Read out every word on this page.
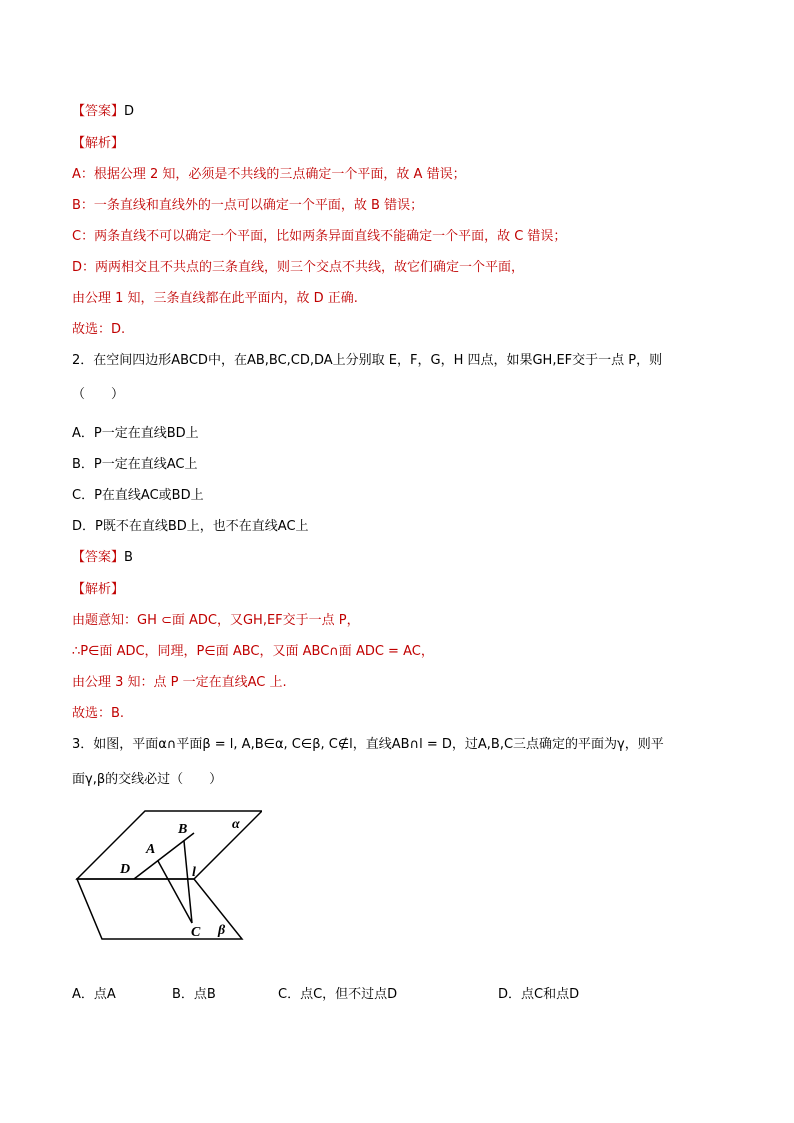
【答案】D
【解析】
A：根据公理 2 知，必须是不共线的三点确定一个平面，故 A 错误；
B：一条直线和直线外的一点可以确定一个平面，故 B 错误；
C：两条直线不可以确定一个平面，比如两条异面直线不能确定一个平面，故 C 错误；
D：两两相交且不共点的三条直线，则三个交点不共线，故它们确定一个平面，
由公理 1 知，三条直线都在此平面内，故 D 正确.
故选：D.
2．在空间四边形ABCD中，在AB,BC,CD,DA上分别取 E，F，G，H 四点，如果GH,EF交于一点 P，则
（　　）
A．P一定在直线BD上
B．P一定在直线AC上
C．P在直线AC或BD上
D．P既不在直线BD上，也不在直线AC上
【答案】B
【解析】
由题意知：GH ⊂面 ADC，又GH,EF交于一点 P，
∴P∈面 ADC，同理，P∈面 ABC，又面 ABC∩面 ADC = AC，
由公理 3 知：点 P 一定在直线AC 上.
故选：B.
3．如图，平面α∩平面β = l, A,B∈α, C∈β, C∉l，直线AB∩l = D，过A,B,C三点确定的平面为γ，则平
面γ,β的交线必过（　　）
α
B
A
D	l
C β
A．点A	B．点B	C．点C，但不过点D	D．点C和点D
